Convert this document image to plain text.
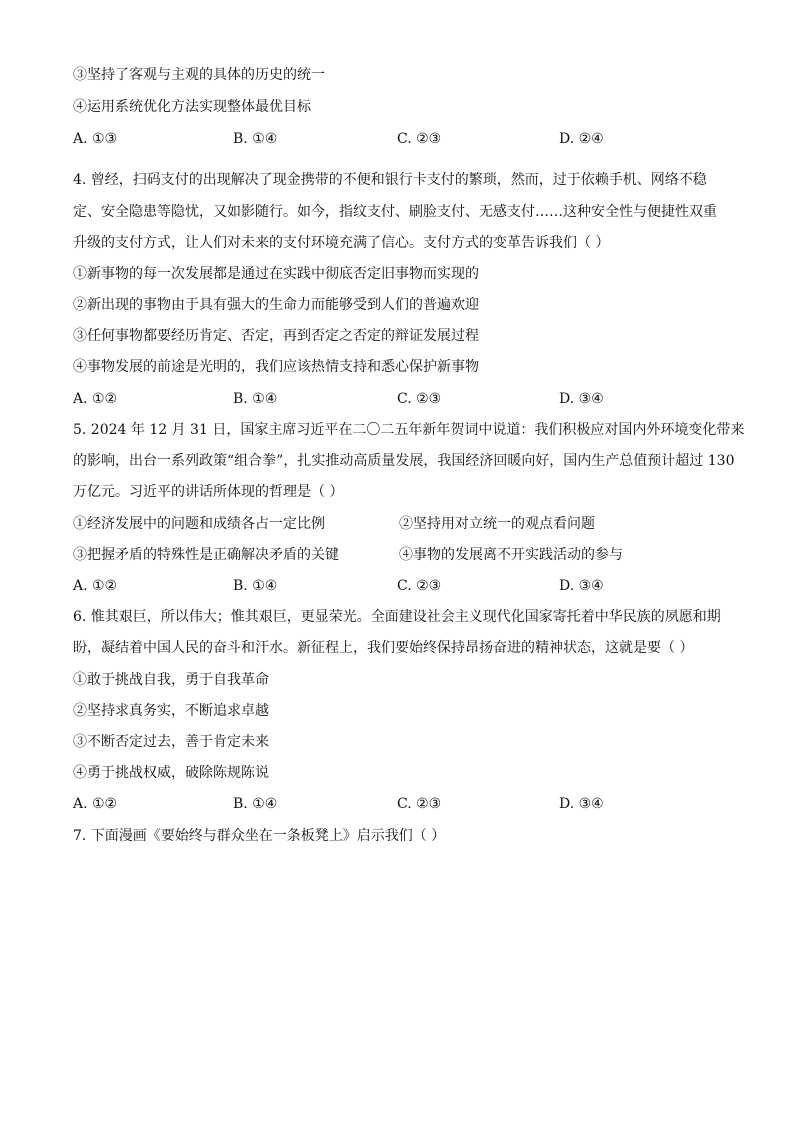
③坚持了客观与主观的具体的历史的统一
④运用系统优化方法实现整体最优目标
A. ①③	B. ①④	C. ②③	D. ②④
4. 曾经，扫码支付的出现解决了现金携带的不便和银行卡支付的繁琐，然而，过于依赖手机、网络不稳
定、安全隐患等隐忧，又如影随行。如今，指纹支付、刷脸支付、无感支付……这种安全性与便捷性双重
升级的支付方式，让人们对未来的支付环境充满了信心。支付方式的变革告诉我们（ ）
①新事物的每一次发展都是通过在实践中彻底否定旧事物而实现的
②新出现的事物由于具有强大的生命力而能够受到人们的普遍欢迎
③任何事物都要经历肯定、否定，再到否定之否定的辩证发展过程
④事物发展的前途是光明的，我们应该热情支持和悉心保护新事物
A. ①②	B. ①④	C. ②③	D. ③④
5. 2024 年 12 月 31 日，国家主席习近平在二〇二五年新年贺词中说道：我们积极应对国内外环境变化带来
的影响，出台一系列政策“组合拳”，扎实推动高质量发展，我国经济回暖向好，国内生产总值预计超过 130
万亿元。习近平的讲话所体现的哲理是（ ）
①经济发展中的问题和成绩各占一定比例	②坚持用对立统一的观点看问题
③把握矛盾的特殊性是正确解决矛盾的关键	④事物的发展离不开实践活动的参与
A. ①②	B. ①④	C. ②③	D. ③④
6. 惟其艰巨，所以伟大；惟其艰巨，更显荣光。全面建设社会主义现代化国家寄托着中华民族的夙愿和期
盼，凝结着中国人民的奋斗和汗水。新征程上，我们要始终保持昂扬奋进的精神状态，这就是要（ ）
①敢于挑战自我，勇于自我革命
②坚持求真务实，不断追求卓越
③不断否定过去，善于肯定未来
④勇于挑战权威，破除陈规陈说
A. ①②	B. ①④	C. ②③	D. ③④
7. 下面漫画《要始终与群众坐在一条板凳上》启示我们（ ）
